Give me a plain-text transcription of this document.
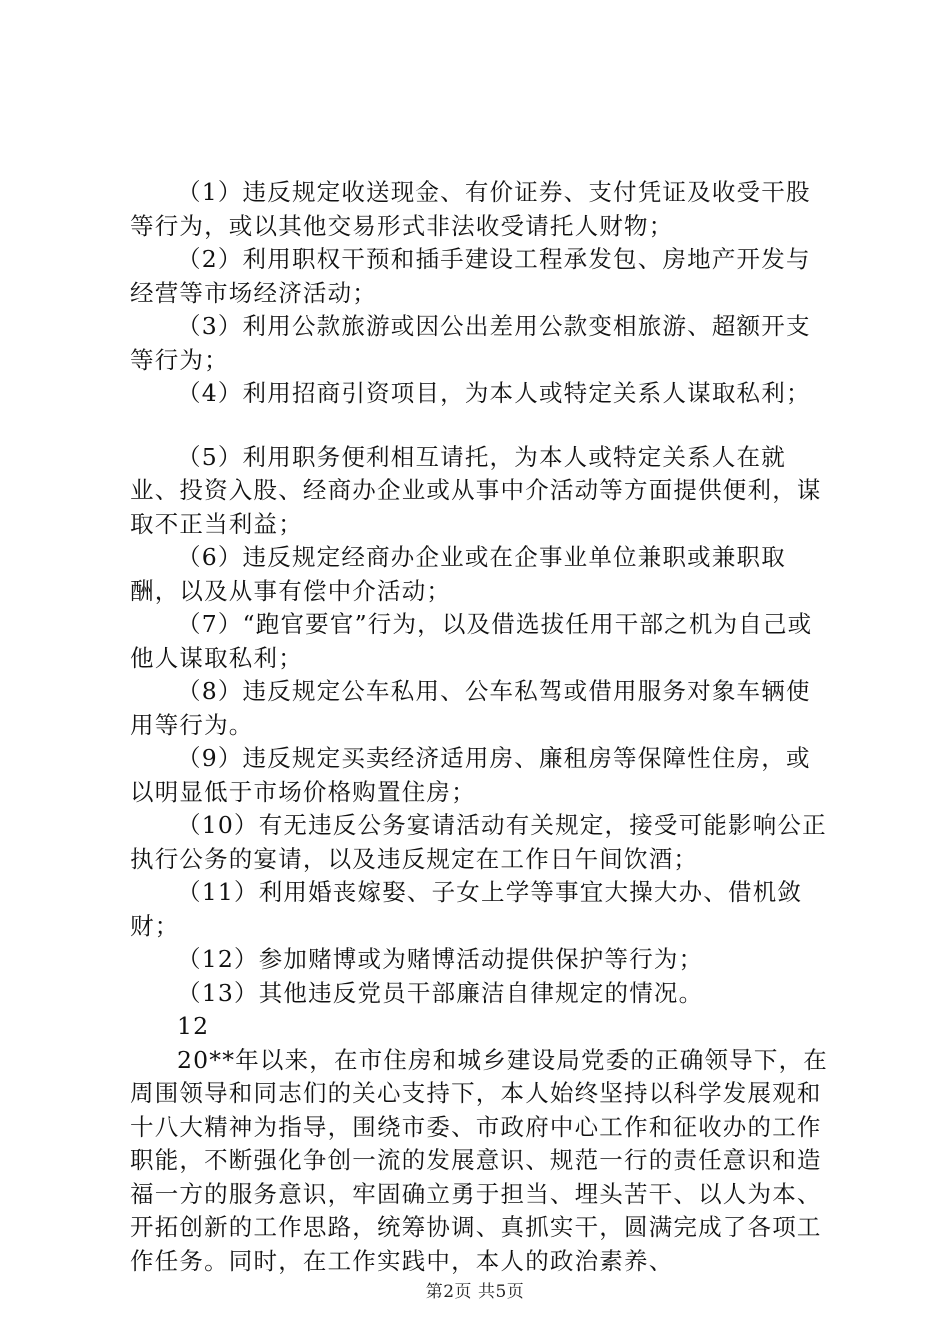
（1）违反规定收送现金、有价证券、支付凭证及收受干股等行为，或以其他交易形式非法收受请托人财物；

（2）利用职权干预和插手建设工程承发包、房地产开发与经营等市场经济活动；

（3）利用公款旅游或因公出差用公款变相旅游、超额开支等行为；

（4）利用招商引资项目，为本人或特定关系人谋取私利；

（5）利用职务便利相互请托，为本人或特定关系人在就业、投资入股、经商办企业或从事中介活动等方面提供便利，谋取不正当利益；

（6）违反规定经商办企业或在企事业单位兼职或兼职取酬，以及从事有偿中介活动；

（7）“跑官要官”行为，以及借选拔任用干部之机为自己或他人谋取私利；

（8）违反规定公车私用、公车私驾或借用服务对象车辆使用等行为。

（9）违反规定买卖经济适用房、廉租房等保障性住房，或以明显低于市场价格购置住房；

（10）有无违反公务宴请活动有关规定，接受可能影响公正执行公务的宴请，以及违反规定在工作日午间饮酒；

（11）利用婚丧嫁娶、子女上学等事宜大操大办、借机敛财；

（12）参加赌博或为赌博活动提供保护等行为；

（13）其他违反党员干部廉洁自律规定的情况。

12

20**年以来，在市住房和城乡建设局党委的正确领导下，在周围领导和同志们的关心支持下，本人始终坚持以科学发展观和十八大精神为指导，围绕市委、市政府中心工作和征收办的工作职能，不断强化争创一流的发展意识、规范一行的责任意识和造福一方的服务意识，牢固确立勇于担当、埋头苦干、以人为本、开拓创新的工作思路，统筹协调、真抓实干，圆满完成了各项工作任务。同时，在工作实践中，本人的政治素养、

第2页 共5页
